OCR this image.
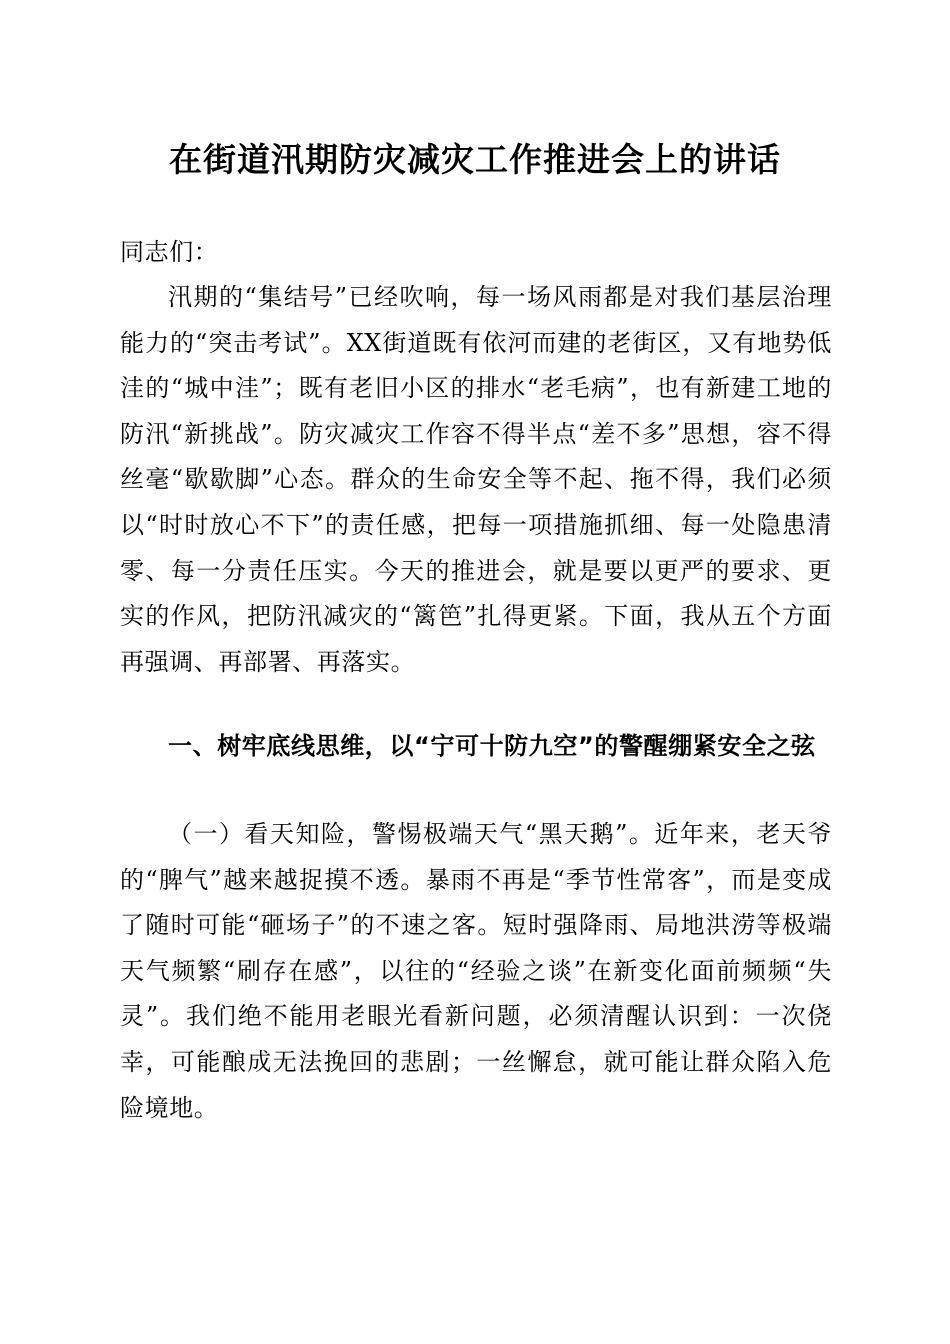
在街道汛期防灾减灾工作推进会上的讲话

同志们：

汛期的“集结号”已经吹响，每一场风雨都是对我们基层治理能力的“突击考试”。XX街道既有依河而建的老街区，又有地势低洼的“城中洼”；既有老旧小区的排水“老毛病”，也有新建工地的防汛“新挑战”。防灾减灾工作容不得半点“差不多”思想，容不得丝毫“歇歇脚”心态。群众的生命安全等不起、拖不得，我们必须以“时时放心不下”的责任感，把每一项措施抓细、每一处隐患清零、每一分责任压实。今天的推进会，就是要以更严的要求、更实的作风，把防汛减灾的“篱笆”扎得更紧。下面，我从五个方面再强调、再部署、再落实。

一、树牢底线思维，以“宁可十防九空”的警醒绷紧安全之弦

（一）看天知险，警惕极端天气“黑天鹅”。近年来，老天爷的“脾气”越来越捉摸不透。暴雨不再是“季节性常客”，而是变成了随时可能“砸场子”的不速之客。短时强降雨、局地洪涝等极端天气频繁“刷存在感”，以往的“经验之谈”在新变化面前频频“失灵”。我们绝不能用老眼光看新问题，必须清醒认识到：一次侥幸，可能酿成无法挽回的悲剧；一丝懈怠，就可能让群众陷入危险境地。
